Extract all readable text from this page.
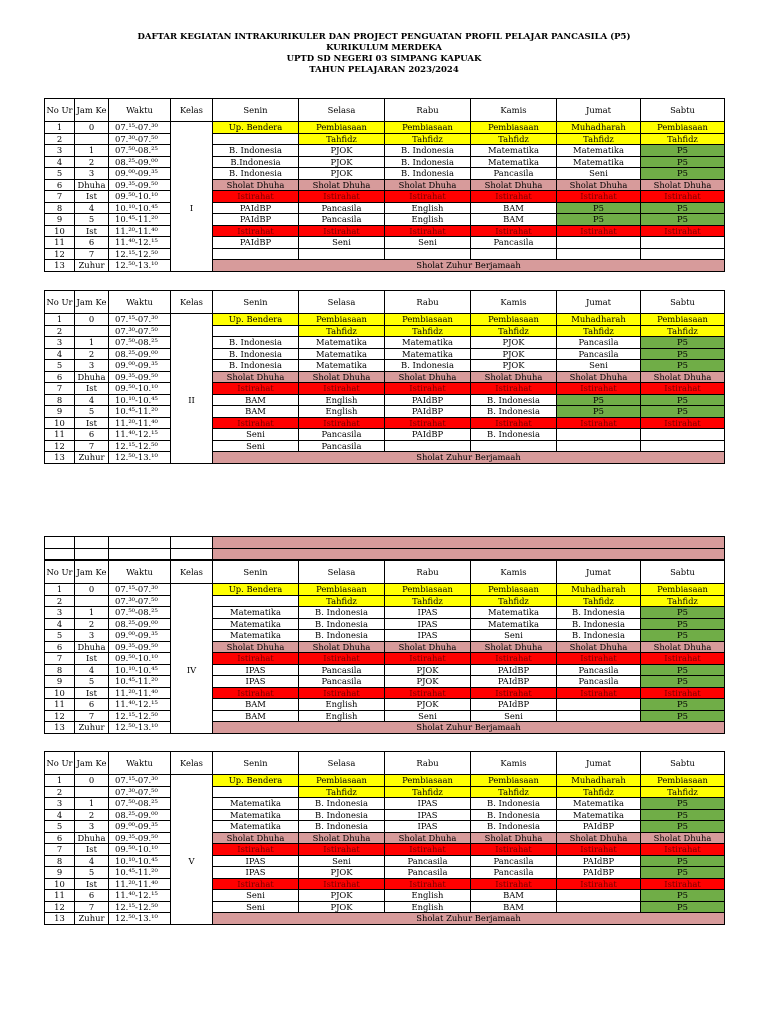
DAFTAR KEGIATAN INTRAKURIKULER DAN PROJECT PENGUATAN PROFIL PELAJAR PANCASILA (P5)
KURIKULUM MERDEKA
UPTD SD NEGERI 03 SIMPANG KAPUAK
TAHUN PELAJARAN 2023/2024

No Ur	Jam Ke	Waktu	Kelas	Senin	Selasa	Rabu	Kamis	Jumat	Sabtu
1	0	07.¹⁵-07.³⁰		Up. Bendera	Pembiasaan	Pembiasaan	Pembiasaan	Muhadharah	Pembiasaan
2		07.³⁰-07.⁵⁰			Tahfidz	Tahfidz	Tahfidz	Tahfidz	Tahfidz
3	1	07.⁵⁰-08.²⁵		B. Indonesia	PJOK	B. Indonesia	Matematika	Matematika	P5
4	2	08.²⁵-09.⁰⁰		B.Indonesia	PJOK	B. Indonesia	Matematika	Matematika	P5
5	3	09.⁰⁰-09.³⁵		B. Indonesia	PJOK	B. Indonesia	Pancasila	Seni	P5
6	Dhuha	09.³⁵-09.⁵⁰		Sholat Dhuha	Sholat Dhuha	Sholat Dhuha	Sholat Dhuha	Sholat Dhuha	Sholat Dhuha
7	Ist	09.⁵⁰-10.¹⁰		Istirahat	Istirahat	Istirahat	Istirahat	Istirahat	Istirahat
8	4	10.¹⁰-10.⁴⁵	I	PAIdBP	Pancasila	English	BAM	P5	P5
9	5	10.⁴⁵-11.²⁰		PAIdBP	Pancasila	English	BAM	P5	P5
10	Ist	11.²⁰-11.⁴⁰		Istirahat	Istirahat	Istirahat	Istirahat	Istirahat	Istirahat
11	6	11.⁴⁰-12.¹⁵		PAIdBP	Seni	Seni	Pancasila		
12	7	12.¹⁵-12.⁵⁰							
13	Zuhur	12.⁵⁰-13.¹⁰		Sholat Zuhur Berjamaah					
No Ur	Jam Ke	Waktu	Kelas	Senin	Selasa	Rabu	Kamis	Jumat	Sabtu
1	0	07.¹⁵-07.³⁰		Up. Bendera	Pembiasaan	Pembiasaan	Pembiasaan	Muhadharah	Pembiasaan
2		07.³⁰-07.⁵⁰			Tahfidz	Tahfidz	Tahfidz	Tahfidz	Tahfidz
3	1	07.⁵⁰-08.²⁵		B. Indonesia	Matematika	Matematika	PJOK	Pancasila	P5
4	2	08.²⁵-09.⁰⁰		B. Indonesia	Matematika	Matematika	PJOK	Pancasila	P5
5	3	09.⁰⁰-09.³⁵		B. Indonesia	Matematika	B. Indonesia	PJOK	Seni	P5
6	Dhuha	09.³⁵-09.⁵⁰		Sholat Dhuha	Sholat Dhuha	Sholat Dhuha	Sholat Dhuha	Sholat Dhuha	Sholat Dhuha
7	Ist	09.⁵⁰-10.¹⁰		Istirahat	Istirahat	Istirahat	Istirahat	Istirahat	Istirahat
8	4	10.¹⁰-10.⁴⁵	II	BAM	English	PAIdBP	B. Indonesia	P5	P5
9	5	10.⁴⁵-11.²⁰		BAM	English	PAIdBP	B. Indonesia	P5	P5
10	Ist	11.²⁰-11.⁴⁰		Istirahat	Istirahat	Istirahat	Istirahat	Istirahat	Istirahat
11	6	11.⁴⁰-12.¹⁵		Seni	Pancasila	PAIdBP	B. Indonesia		
12	7	12.¹⁵-12.⁵⁰		Seni	Pancasila				
13	Zuhur	12.⁵⁰-13.¹⁰		Sholat Zuhur Berjamaah					
No Ur	Jam Ke	Waktu	Kelas	Senin	Selasa	Rabu	Kamis	Jumat	Sabtu
1	0	07.¹⁵-07.³⁰		Up. Bendera	Pembiasaan	Pembiasaan	Pembiasaan	Muhadharah	Pembiasaan
2		07.³⁰-07.⁵⁰			Tahfidz	Tahfidz	Tahfidz	Tahfidz	Tahfidz
3	1	07.⁵⁰-08.²⁵		Matematika	B. Indonesia	IPAS	Matematika	B. Indonesia	P5
4	2	08.²⁵-09.⁰⁰		Matematika	B. Indonesia	IPAS	Matematika	B. Indonesia	P5
5	3	09.⁰⁰-09.³⁵		Matematika	B. Indonesia	IPAS	Seni	B. Indonesia	P5
6	Dhuha	09.³⁵-09.⁵⁰		Sholat Dhuha	Sholat Dhuha	Sholat Dhuha	Sholat Dhuha	Sholat Dhuha	Sholat Dhuha
7	Ist	09.⁵⁰-10.¹⁰		Istirahat	Istirahat	Istirahat	Istirahat	Istirahat	Istirahat
8	4	10.¹⁰-10.⁴⁵	IV	IPAS	Pancasila	PJOK	PAIdBP	Pancasila	P5
9	5	10.⁴⁵-11.²⁰		IPAS	Pancasila	PJOK	PAIdBP	Pancasila	P5
10	Ist	11.²⁰-11.⁴⁰		Istirahat	Istirahat	Istirahat	Istirahat	Istirahat	Istirahat
11	6	11.⁴⁰-12.¹⁵		BAM	English	PJOK	PAIdBP		P5
12	7	12.¹⁵-12.⁵⁰		BAM	English	Seni	Seni		P5
13	Zuhur	12.⁵⁰-13.¹⁰		Sholat Zuhur Berjamaah					
No Ur	Jam Ke	Waktu	Kelas	Senin	Selasa	Rabu	Kamis	Jumat	Sabtu
1	0	07.¹⁵-07.³⁰		Up. Bendera	Pembiasaan	Pembiasaan	Pembiasaan	Muhadharah	Pembiasaan
2		07.³⁰-07.⁵⁰			Tahfidz	Tahfidz	Tahfidz	Tahfidz	Tahfidz
3	1	07.⁵⁰-08.²⁵		Matematika	B. Indonesia	IPAS	B. Indonesia	Matematika	P5
4	2	08.²⁵-09.⁰⁰		Matematika	B. Indonesia	IPAS	B. Indonesia	Matematika	P5
5	3	09.⁰⁰-09.³⁵		Matematika	B. Indonesia	IPAS	B. Indonesia	PAIdBP	P5
6	Dhuha	09.³⁵-09.⁵⁰		Sholat Dhuha	Sholat Dhuha	Sholat Dhuha	Sholat Dhuha	Sholat Dhuha	Sholat Dhuha
7	Ist	09.⁵⁰-10.¹⁰		Istirahat	Istirahat	Istirahat	Istirahat	Istirahat	Istirahat
8	4	10.¹⁰-10.⁴⁵	V	IPAS	Seni	Pancasila	Pancasila	PAIdBP	P5
9	5	10.⁴⁵-11.²⁰		IPAS	PJOK	Pancasila	Pancasila	PAIdBP	P5
10	Ist	11.²⁰-11.⁴⁰		Istirahat	Istirahat	Istirahat	Istirahat	Istirahat	Istirahat
11	6	11.⁴⁰-12.¹⁵		Seni	PJOK	English	BAM		P5
12	7	12.¹⁵-12.⁵⁰		Seni	PJOK	English	BAM		P5
13	Zuhur	12.⁵⁰-13.¹⁰		Sholat Zuhur Berjamaah					
